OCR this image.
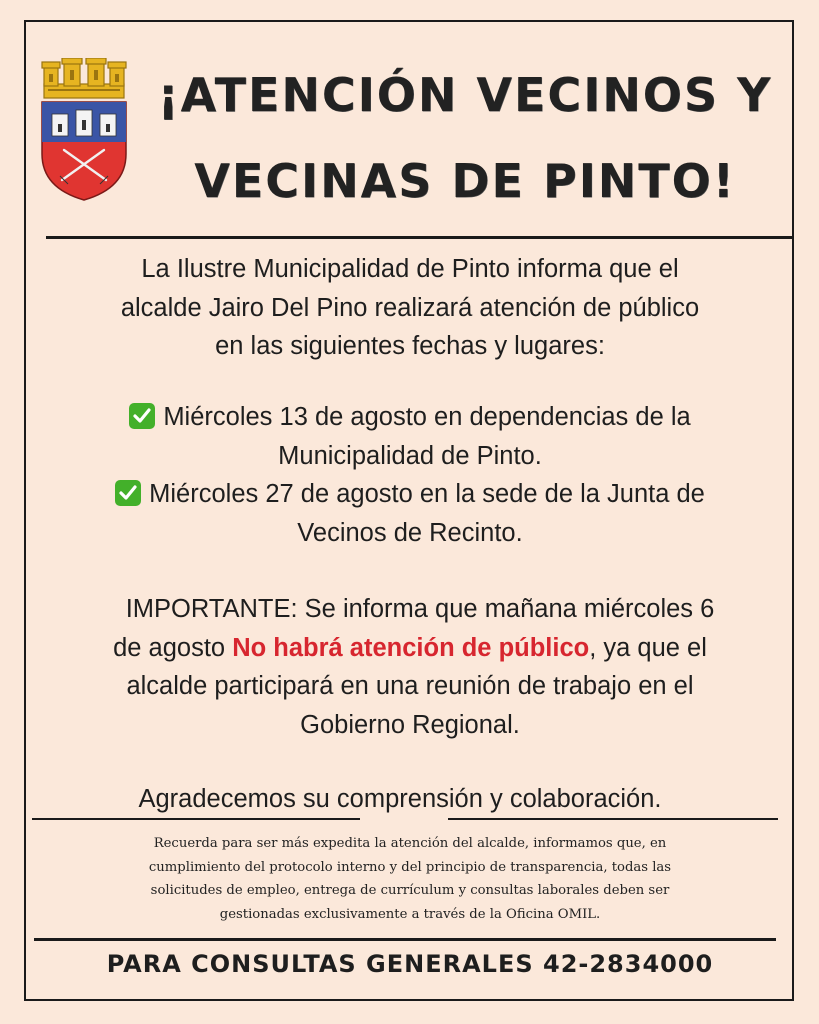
¡ATENCIÓN VECINOS Y
VECINAS DE PINTO!
La Ilustre Municipalidad de Pinto informa que el
alcalde Jairo Del Pino realizará atención de público
en las siguientes fechas y lugares:
Miércoles 13 de agosto en dependencias de la
Municipalidad de Pinto.
Miércoles 27 de agosto en la sede de la Junta de
Vecinos de Recinto.
IMPORTANTE: Se informa que mañana miércoles 6
de agosto No habrá atención de público, ya que el
alcalde participará en una reunión de trabajo en el
Gobierno Regional.
Agradecemos su comprensión y colaboración.
Recuerda para ser más expedita la atención del alcalde, informamos que, en
cumplimiento del protocolo interno y del principio de transparencia, todas las
solicitudes de empleo, entrega de currículum y consultas laborales deben ser
gestionadas exclusivamente a través de la Oficina OMIL.
PARA CONSULTAS GENERALES 42-2834000
